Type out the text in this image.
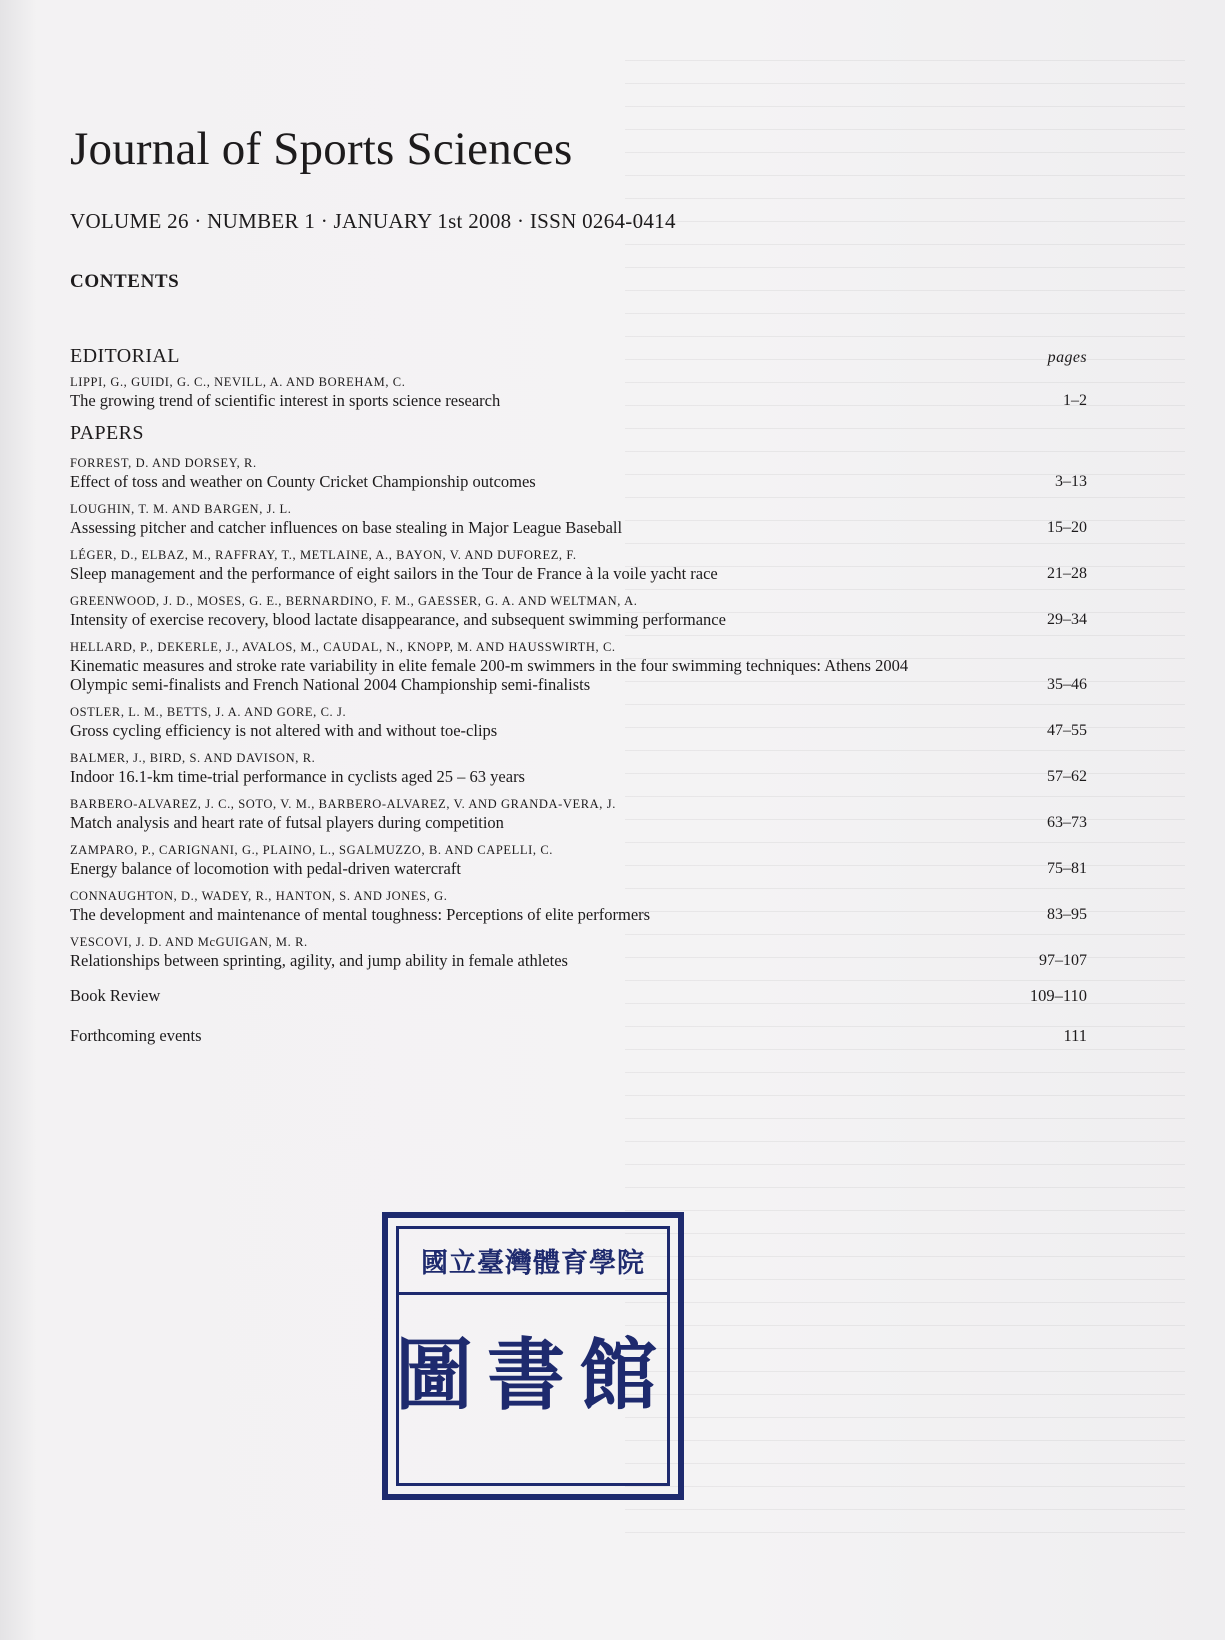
Journal of Sports Sciences
VOLUME 26 · NUMBER 1 · JANUARY 1st 2008 · ISSN 0264-0414
CONTENTS
EDITORIAL	pages
LIPPI, G., GUIDI, G. C., NEVILL, A. AND BOREHAM, C.
The growing trend of scientific interest in sports science research	1–2
PAPERS
FORREST, D. AND DORSEY, R.
Effect of toss and weather on County Cricket Championship outcomes	3–13
LOUGHIN, T. M. AND BARGEN, J. L.
Assessing pitcher and catcher influences on base stealing in Major League Baseball	15–20
LÉGER, D., ELBAZ, M., RAFFRAY, T., METLAINE, A., BAYON, V. AND DUFOREZ, F.
Sleep management and the performance of eight sailors in the Tour de France à la voile yacht race	21–28
GREENWOOD, J. D., MOSES, G. E., BERNARDINO, F. M., GAESSER, G. A. AND WELTMAN, A.
Intensity of exercise recovery, blood lactate disappearance, and subsequent swimming performance	29–34
HELLARD, P., DEKERLE, J., AVALOS, M., CAUDAL, N., KNOPP, M. AND HAUSSWIRTH, C.
Kinematic measures and stroke rate variability in elite female 200-m swimmers in the four swimming techniques: Athens 2004 Olympic semi-finalists and French National 2004 Championship semi-finalists	35–46
OSTLER, L. M., BETTS, J. A. AND GORE, C. J.
Gross cycling efficiency is not altered with and without toe-clips	47–55
BALMER, J., BIRD, S. AND DAVISON, R.
Indoor 16.1-km time-trial performance in cyclists aged 25 – 63 years	57–62
BARBERO-ALVAREZ, J. C., SOTO, V. M., BARBERO-ALVAREZ, V. AND GRANDA-VERA, J.
Match analysis and heart rate of futsal players during competition	63–73
ZAMPARO, P., CARIGNANI, G., PLAINO, L., SGALMUZZO, B. AND CAPELLI, C.
Energy balance of locomotion with pedal-driven watercraft	75–81
CONNAUGHTON, D., WADEY, R., HANTON, S. AND JONES, G.
The development and maintenance of mental toughness: Perceptions of elite performers	83–95
VESCOVI, J. D. AND McGUIGAN, M. R.
Relationships between sprinting, agility, and jump ability in female athletes	97–107
Book Review	109–110
Forthcoming events	111
國立臺灣體育學院
圖書館
